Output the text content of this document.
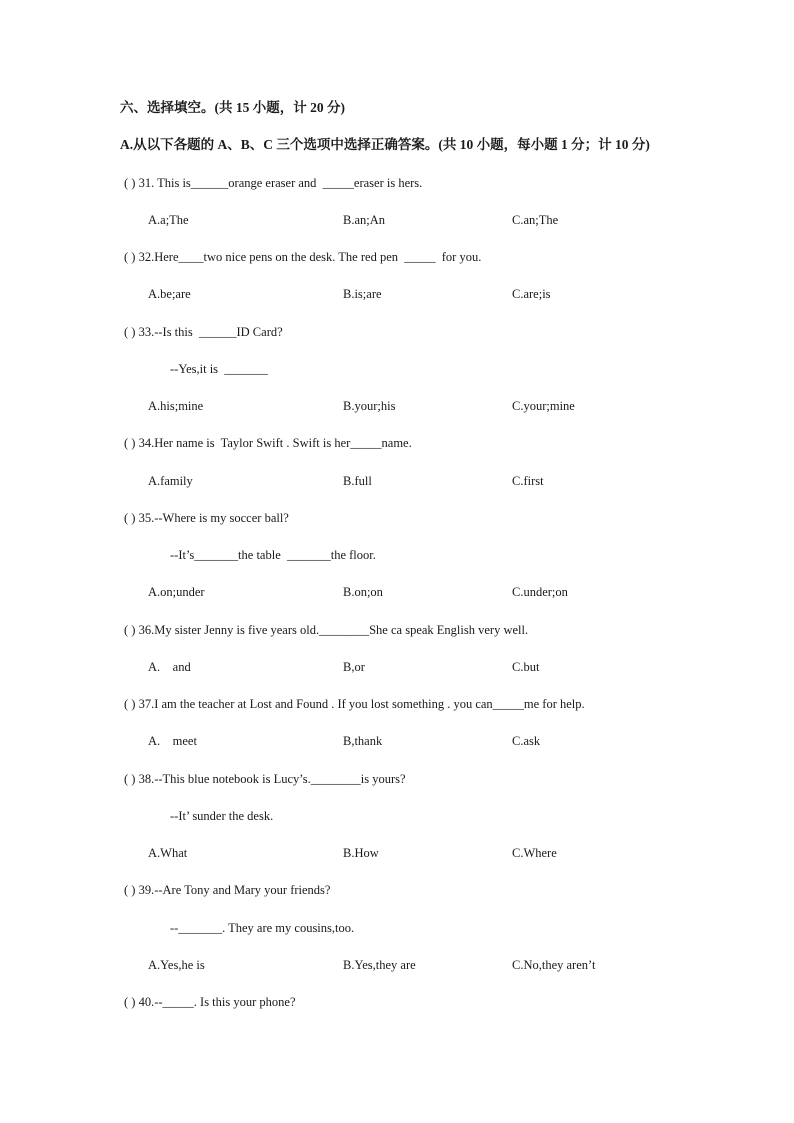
六、选择填空。(共 15 小题，计 20 分)
A.从以下各题的 A、B、C 三个选项中选择正确答案。(共 10 小题，每小题 1 分；计 10 分)
( ) 31. This is______orange eraser and  _____eraser is hers.
A.a;The	B.an;An	C.an;The
( ) 32.Here____two nice pens on the desk. The red pen  _____  for you.
A.be;are	B.is;are	C.are;is
( ) 33.--Is this  ______ID Card?
--Yes,it is  _______
A.his;mine	B.your;his	C.your;mine
( ) 34.Her name is  Taylor Swift . Swift is her_____name.
A.family	B.full	C.first
( ) 35.--Where is my soccer ball?
--It’s_______the table  _______the floor.
A.on;under	B.on;on	C.under;on
( ) 36.My sister Jenny is five years old.________She ca speak English very well.
A.    and	B,or	C.but
( ) 37.I am the teacher at Lost and Found . If you lost something . you can_____me for help.
A.    meet	B,thank	C.ask
( ) 38.--This blue notebook is Lucy’s.________is yours?
--It’ sunder the desk.
A.What	B.How	C.Where
( ) 39.--Are Tony and Mary your friends?
--_______. They are my cousins,too.
A.Yes,he is	B.Yes,they are	C.No,they aren’t
( ) 40.--_____. Is this your phone?
